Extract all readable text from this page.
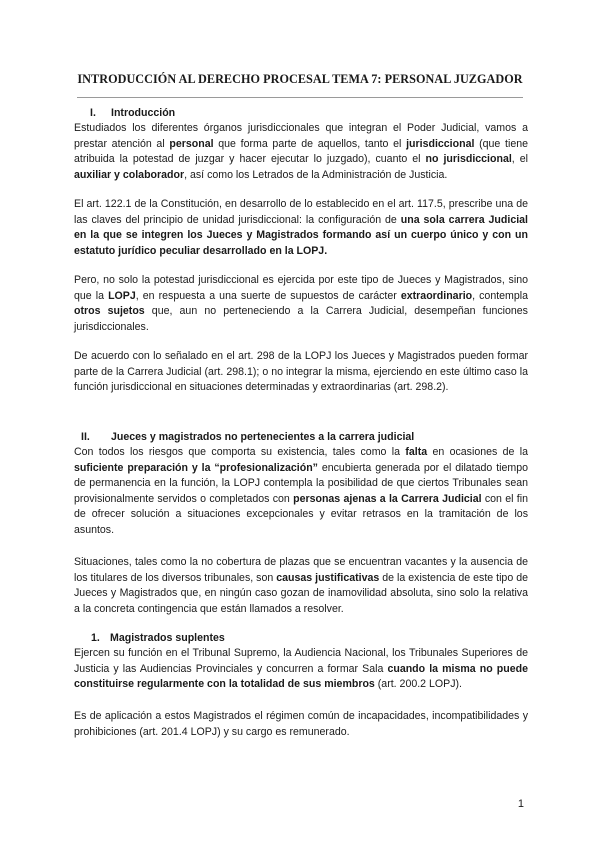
INTRODUCCIÓN AL DERECHO PROCESAL TEMA 7: PERSONAL JUZGADOR
I. Introducción

Estudiados los diferentes órganos jurisdiccionales que integran el Poder Judicial, vamos a prestar atención al personal que forma parte de aquellos, tanto el jurisdiccional (que tiene atribuida la potestad de juzgar y hacer ejecutar lo juzgado), cuanto el no jurisdiccional, el auxiliar y colaborador, así como los Letrados de la Administración de Justicia.

El art. 122.1 de la Constitución, en desarrollo de lo establecido en el art. 117.5, prescribe una de las claves del principio de unidad jurisdiccional: la configuración de una sola carrera Judicial en la que se integren los Jueces y Magistrados formando así un cuerpo único y con un estatuto jurídico peculiar desarrollado en la LOPJ.

Pero, no solo la potestad jurisdiccional es ejercida por este tipo de Jueces y Magistrados, sino que la LOPJ, en respuesta a una suerte de supuestos de carácter extraordinario, contempla otros sujetos que, aun no perteneciendo a la Carrera Judicial, desempeñan funciones jurisdiccionales.

De acuerdo con lo señalado en el art. 298 de la LOPJ los Jueces y Magistrados pueden formar parte de la Carrera Judicial (art. 298.1); o no integrar la misma, ejerciendo en este último caso la función jurisdiccional en situaciones determinadas y extraordinarias (art. 298.2).

II. Jueces y magistrados no pertenecientes a la carrera judicial

Con todos los riesgos que comporta su existencia, tales como la falta en ocasiones de la suficiente preparación y la “profesionalización” encubierta generada por el dilatado tiempo de permanencia en la función, la LOPJ contempla la posibilidad de que ciertos Tribunales sean provisionalmente servidos o completados con personas ajenas a la Carrera Judicial con el fin de ofrecer solución a situaciones excepcionales y evitar retrasos en la tramitación de los asuntos.

Situaciones, tales como la no cobertura de plazas que se encuentran vacantes y la ausencia de los titulares de los diversos tribunales, son causas justificativas de la existencia de este tipo de Jueces y Magistrados que, en ningún caso gozan de inamovilidad absoluta, sino solo la relativa a la concreta contingencia que están llamados a resolver.

1. Magistrados suplentes

Ejercen su función en el Tribunal Supremo, la Audiencia Nacional, los Tribunales Superiores de Justicia y las Audiencias Provinciales y concurren a formar Sala cuando la misma no puede constituirse regularmente con la totalidad de sus miembros (art. 200.2 LOPJ).

Es de aplicación a estos Magistrados el régimen común de incapacidades, incompatibilidades y prohibiciones (art. 201.4 LOPJ) y su cargo es remunerado.

1
